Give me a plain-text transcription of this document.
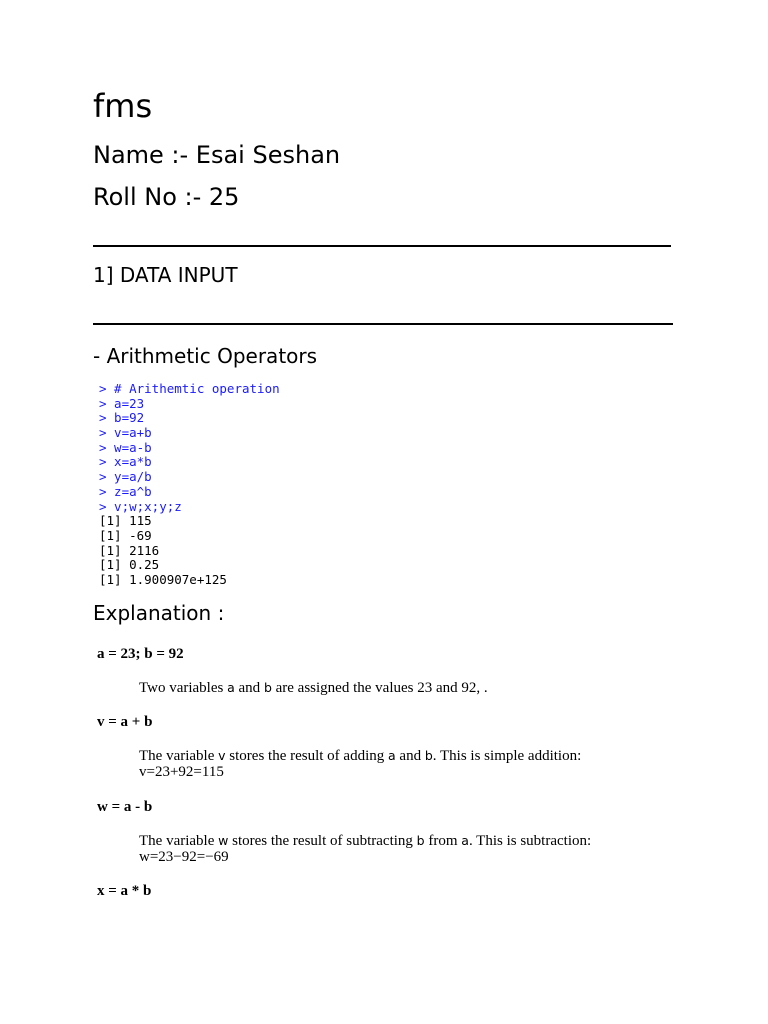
fms
Name :- Esai Seshan
Roll No :- 25
1] DATA INPUT
- Arithmetic Operators
> # Arithemtic operation
> a=23
> b=92
> v=a+b
> w=a-b
> x=a*b
> y=a/b
> z=a^b
> v;w;x;y;z
[1] 115
[1] -69
[1] 2116
[1] 0.25
[1] 1.900907e+125
Explanation :
a = 23; b = 92
Two variables a and b are assigned the values 23 and 92, .
v = a + b
The variable v stores the result of adding a and b. This is simple addition:
v=23+92=115
w = a - b
The variable w stores the result of subtracting b from a. This is subtraction:
w=23−92=−69
x = a * b
